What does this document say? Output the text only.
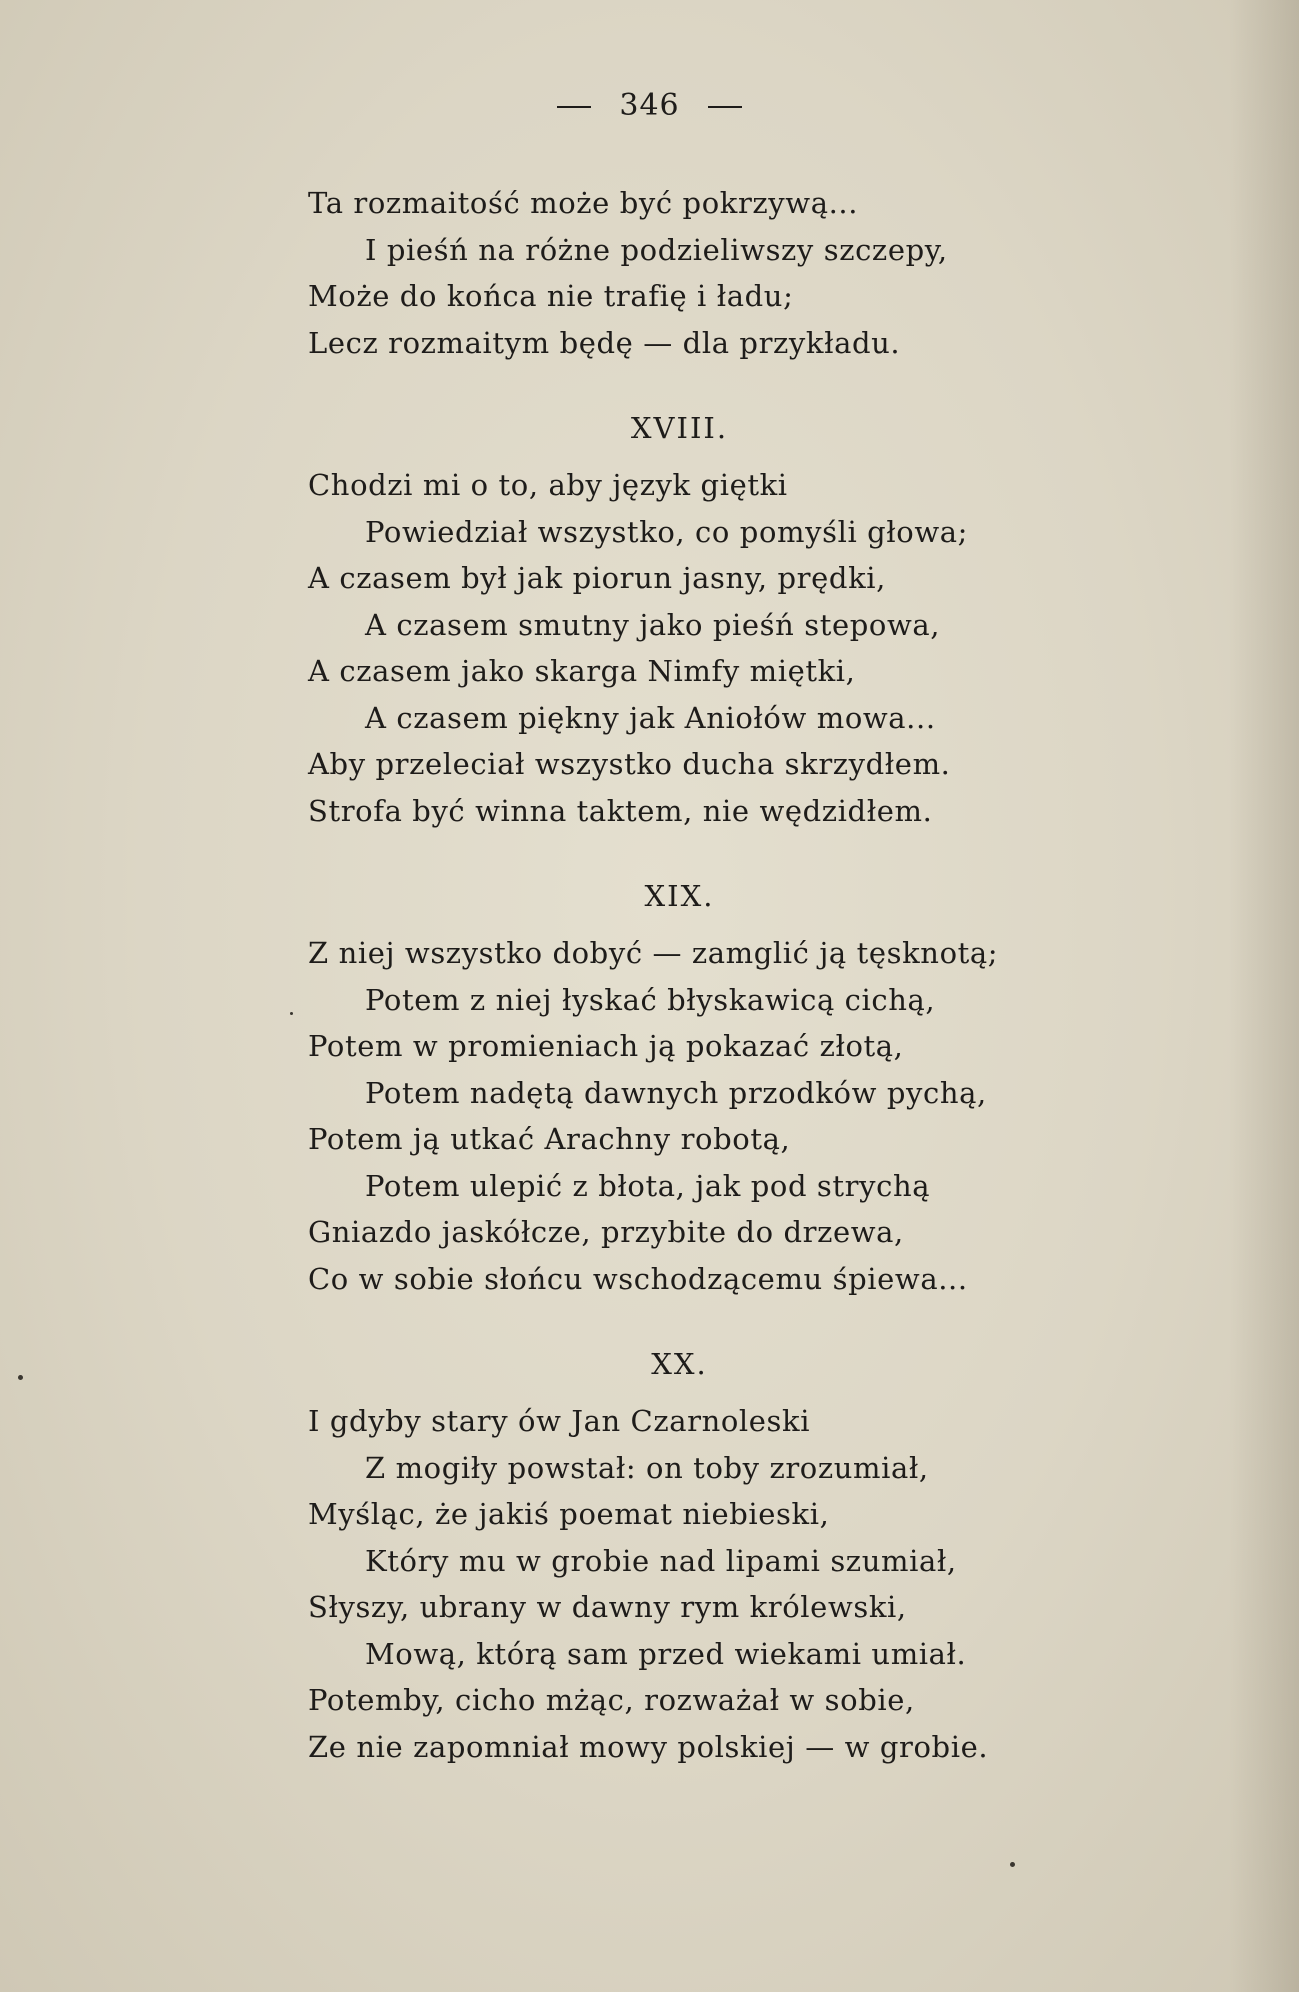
346
Ta rozmaitość może być pokrzywą...
I pieśń na różne podzieliwszy szczepy,
Może do końca nie trafię i ładu;
Lecz rozmaitym będę — dla przykładu.
XVIII.
Chodzi mi o to, aby język giętki
Powiedział wszystko, co pomyśli głowa;
A czasem był jak piorun jasny, prędki,
A czasem smutny jako pieśń stepowa,
A czasem jako skarga Nimfy miętki,
A czasem piękny jak Aniołów mowa...
Aby przeleciał wszystko ducha skrzydłem.
Strofa być winna taktem, nie wędzidłem.
XIX.
Z niej wszystko dobyć — zamglić ją tęsknotą;
Potem z niej łyskać błyskawicą cichą,
Potem w promieniach ją pokazać złotą,
Potem nadętą dawnych przodków pychą,
Potem ją utkać Arachny robotą,
Potem ulepić z błota, jak pod strychą
Gniazdo jaskółcze, przybite do drzewa,
Co w sobie słońcu wschodzącemu śpiewa...
XX.
I gdyby stary ów Jan Czarnoleski
Z mogiły powstał: on toby zrozumiał,
Myśląc, że jakiś poemat niebieski,
Który mu w grobie nad lipami szumiał,
Słyszy, ubrany w dawny rym królewski,
Mową, którą sam przed wiekami umiał.
Potemby, cicho mżąc, rozważał w sobie,
Ze nie zapomniał mowy polskiej — w grobie.
